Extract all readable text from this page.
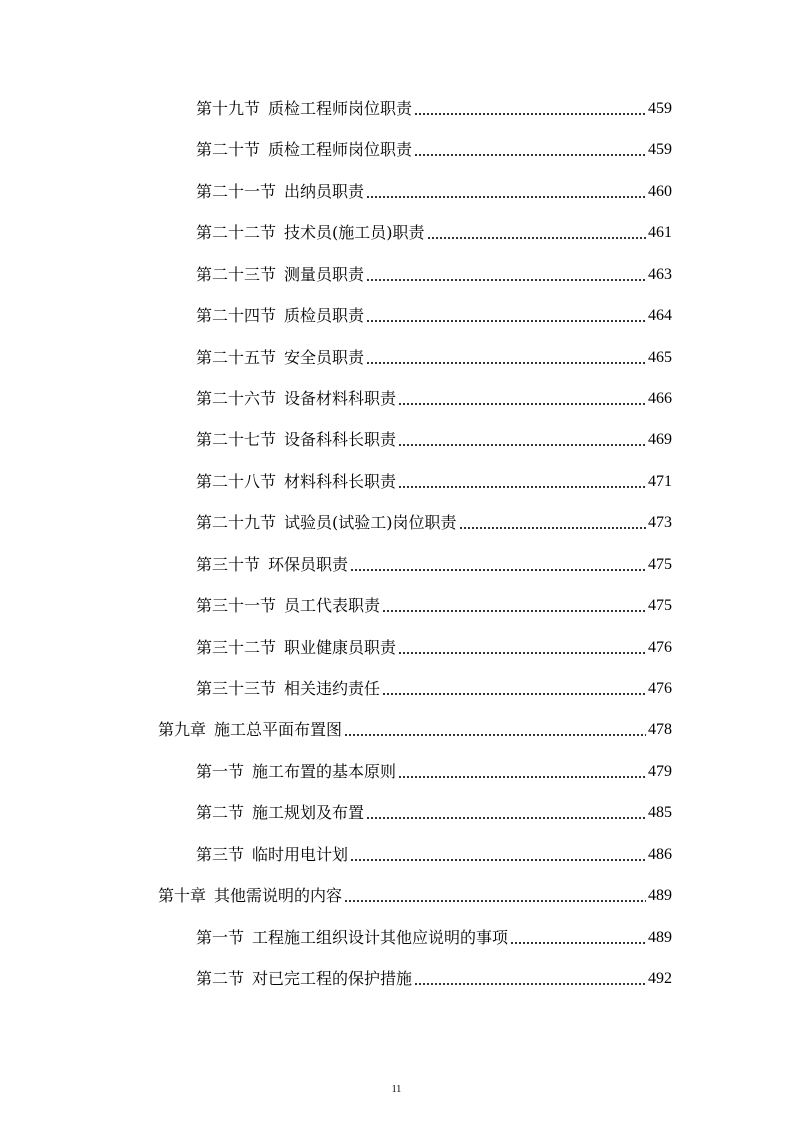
第十九节 质检工程师岗位职责	459
第二十节 质检工程师岗位职责	459
第二十一节 出纳员职责	460
第二十二节 技术员(施工员)职责	461
第二十三节 测量员职责	463
第二十四节 质检员职责	464
第二十五节 安全员职责	465
第二十六节 设备材料科职责	466
第二十七节 设备科科长职责	469
第二十八节 材料科科长职责	471
第二十九节 试验员(试验工)岗位职责	473
第三十节 环保员职责	475
第三十一节 员工代表职责	475
第三十二节 职业健康员职责	476
第三十三节 相关违约责任	476
第九章 施工总平面布置图	478
第一节 施工布置的基本原则	479
第二节 施工规划及布置	485
第三节 临时用电计划	486
第十章 其他需说明的内容	489
第一节 工程施工组织设计其他应说明的事项	489
第二节 对已完工程的保护措施	492
11
